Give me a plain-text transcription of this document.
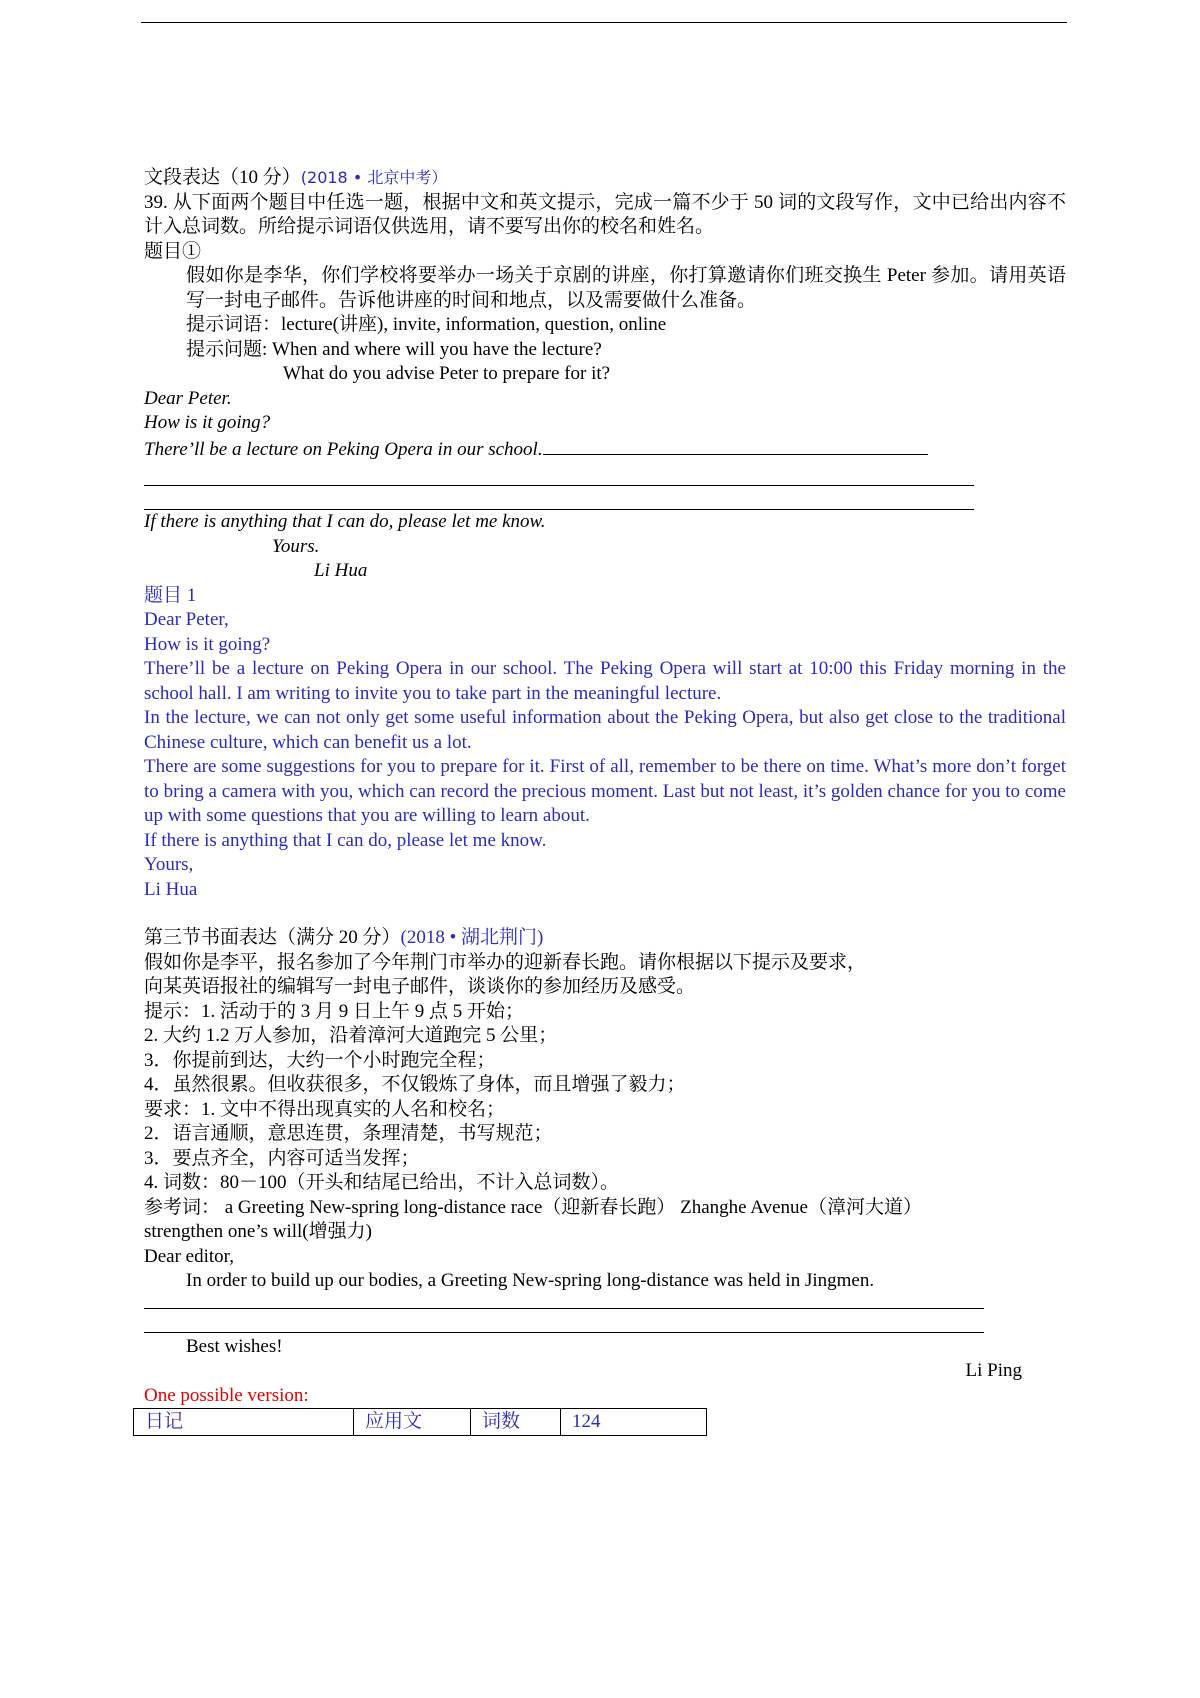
文段表达（10 分）(2018 • 北京中考）
39. 从下面两个题目中任选一题，根据中文和英文提示，完成一篇不少于 50 词的文段写作，文中已给出内容不计入总词数。所给提示词语仅供选用，请不要写出你的校名和姓名。
题目①
假如你是李华，你们学校将要举办一场关于京剧的讲座，你打算邀请你们班交换生 Peter 参加。请用英语写一封电子邮件。告诉他讲座的时间和地点，以及需要做什么准备。
提示词语：lecture(讲座), invite, information, question, online
提示问题: When and where will you have the lecture?
What do you advise Peter to prepare for it?
Dear Peter.
How is it going?
There’ll be a lecture on Peking Opera in our school.
If there is anything that I can do, please let me know.
Yours.
Li Hua
题目 1
Dear Peter,
How is it going?
There’ll be a lecture on Peking Opera in our school. The Peking Opera will start at 10:00 this Friday morning in the school hall. I am writing to invite you to take part in the meaningful lecture.
In the lecture, we can not only get some useful information about the Peking Opera, but also get close to the traditional Chinese culture, which can benefit us a lot.
There are some suggestions for you to prepare for it. First of all, remember to be there on time. What’s more don’t forget to bring a camera with you, which can record the precious moment. Last but not least, it’s golden chance for you to come up with some questions that you are willing to learn about.
If there is anything that I can do, please let me know.
Yours,
Li Hua
第三节书面表达（满分 20 分）(2018 • 湖北荆门)
假如你是李平，报名参加了今年荆门市举办的迎新春长跑。请你根据以下提示及要求，
向某英语报社的编辑写一封电子邮件，谈谈你的参加经历及感受。
提示：1. 活动于的 3 月 9 日上午 9 点 5 开始；
2. 大约 1.2 万人参加，沿着漳河大道跑完 5 公里；
3．你提前到达，大约一个小时跑完全程；
4．虽然很累。但收获很多，不仅锻炼了身体，而且增强了毅力；
要求：1. 文中不得出现真实的人名和校名；
2．语言通顺，意思连贯，条理清楚，书写规范；
3．要点齐全，内容可适当发挥；
4. 词数：80－100（开头和结尾已给出，不计入总词数）。
参考词： a Greeting New-spring long-distance race（迎新春长跑） Zhanghe Avenue（漳河大道） strengthen one’s will(增强力)
Dear editor,
In order to build up our bodies, a Greeting New-spring long-distance was held in Jingmen.
Best wishes!
Li Ping
One possible version:
日记	应用文	词数	124
